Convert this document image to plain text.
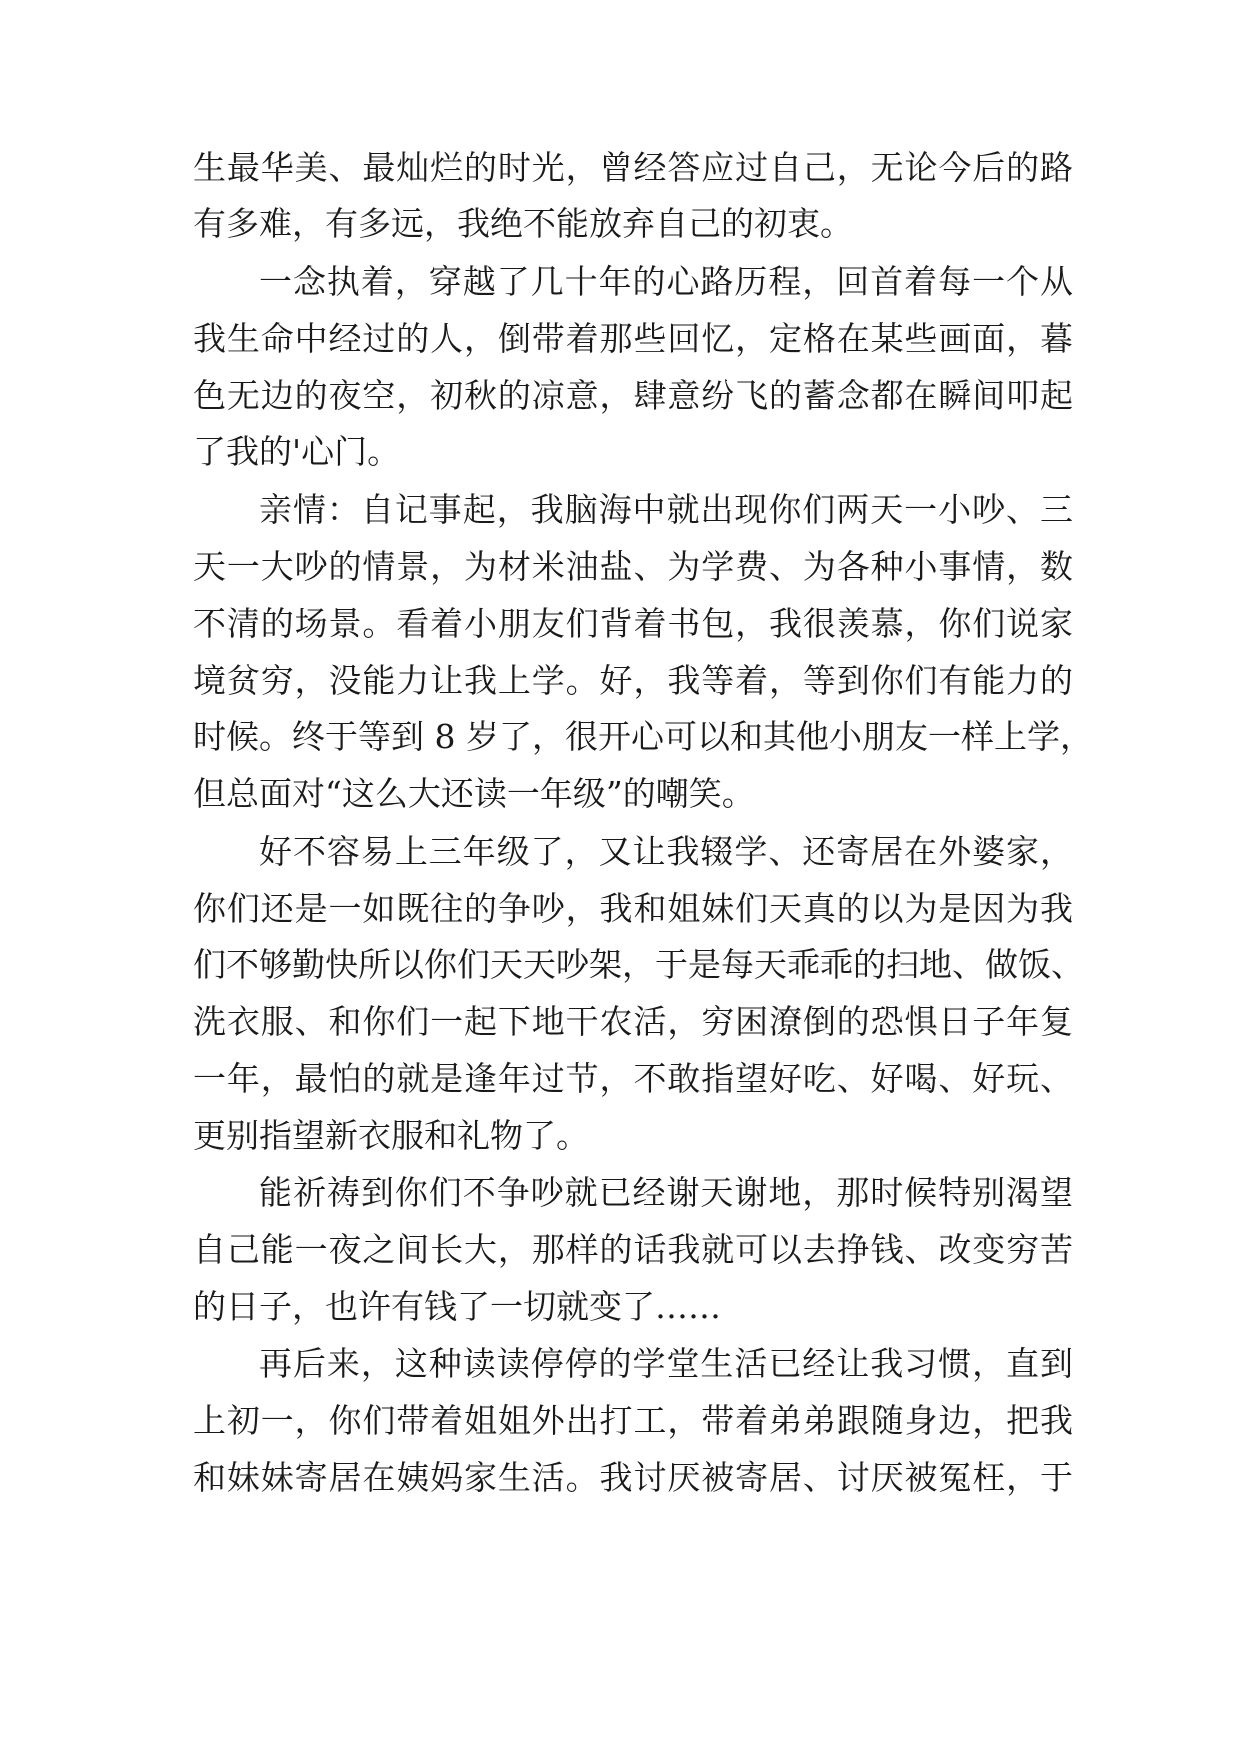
生最华美、最灿烂的时光，曾经答应过自己，无论今后的路
有多难，有多远，我绝不能放弃自己的初衷。
一念执着，穿越了几十年的心路历程，回首着每一个从
我生命中经过的人，倒带着那些回忆，定格在某些画面，暮
色无边的夜空，初秋的凉意，肆意纷飞的蓄念都在瞬间叩起
了我的'心门。
亲情：自记事起，我脑海中就出现你们两天一小吵、三
天一大吵的情景，为材米油盐、为学费、为各种小事情，数
不清的场景。看着小朋友们背着书包，我很羡慕，你们说家
境贫穷，没能力让我上学。好，我等着，等到你们有能力的
时候。终于等到 8 岁了，很开心可以和其他小朋友一样上学，
但总面对“这么大还读一年级”的嘲笑。
好不容易上三年级了，又让我辍学、还寄居在外婆家，
你们还是一如既往的争吵，我和姐妹们天真的以为是因为我
们不够勤快所以你们天天吵架，于是每天乖乖的扫地、做饭、
洗衣服、和你们一起下地干农活，穷困潦倒的恐惧日子年复
一年，最怕的就是逢年过节，不敢指望好吃、好喝、好玩、
更别指望新衣服和礼物了。
能祈祷到你们不争吵就已经谢天谢地，那时候特别渴望
自己能一夜之间长大，那样的话我就可以去挣钱、改变穷苦
的日子，也许有钱了一切就变了……
再后来，这种读读停停的学堂生活已经让我习惯，直到
上初一，你们带着姐姐外出打工，带着弟弟跟随身边，把我
和妹妹寄居在姨妈家生活。我讨厌被寄居、讨厌被冤枉，于
